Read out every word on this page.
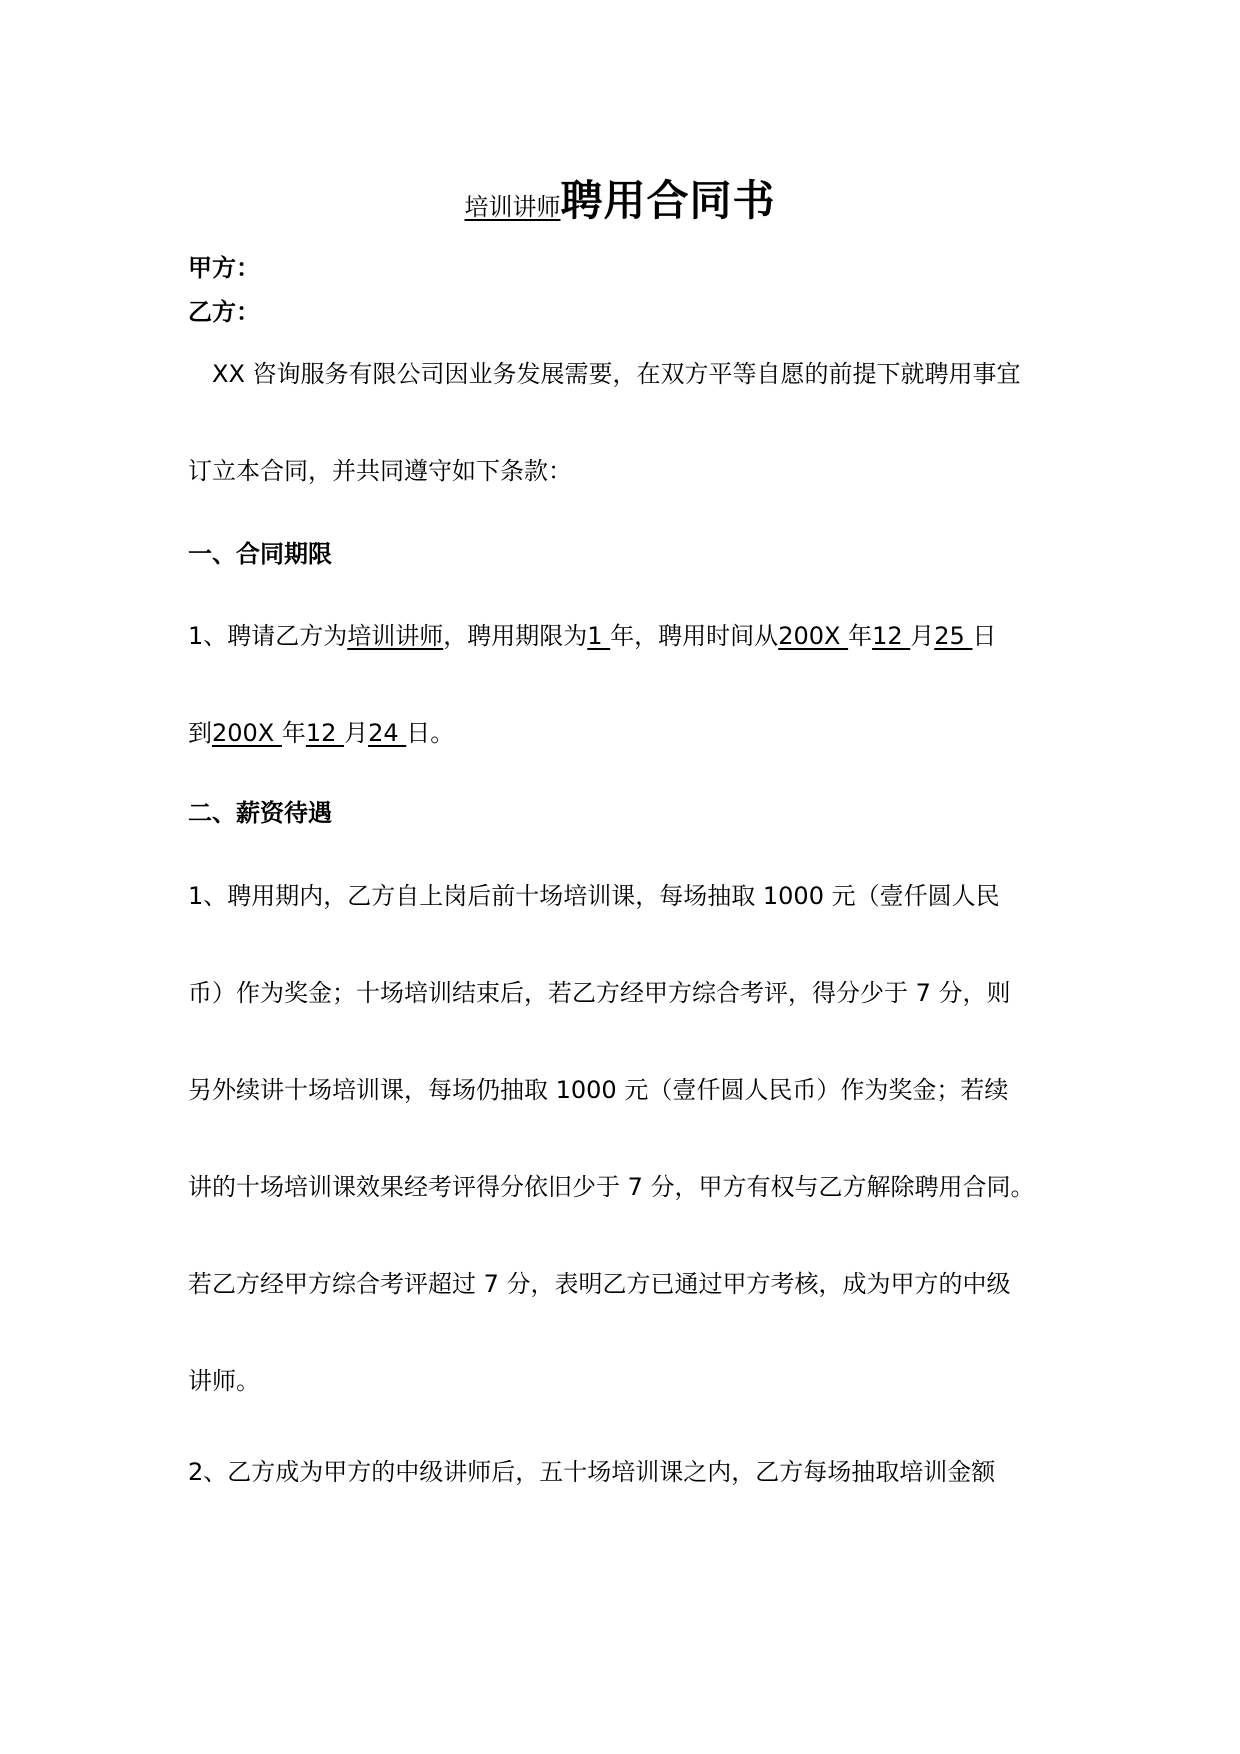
培训讲师聘用合同书
甲方：
乙方：
XX 咨询服务有限公司因业务发展需要，在双方平等自愿的前提下就聘用事宜
订立本合同，并共同遵守如下条款：
一、合同期限
1、聘请乙方为培训讲师，聘用期限为1 年，聘用时间从200X 年12 月25 日
到200X 年12 月24 日。
二、薪资待遇
1、聘用期内，乙方自上岗后前十场培训课，每场抽取 1000 元（壹仟圆人民
币）作为奖金；十场培训结束后，若乙方经甲方综合考评，得分少于 7 分，则
另外续讲十场培训课，每场仍抽取 1000 元（壹仟圆人民币）作为奖金；若续
讲的十场培训课效果经考评得分依旧少于 7 分，甲方有权与乙方解除聘用合同。
若乙方经甲方综合考评超过 7 分，表明乙方已通过甲方考核，成为甲方的中级
讲师。
2、乙方成为甲方的中级讲师后，五十场培训课之内，乙方每场抽取培训金额
